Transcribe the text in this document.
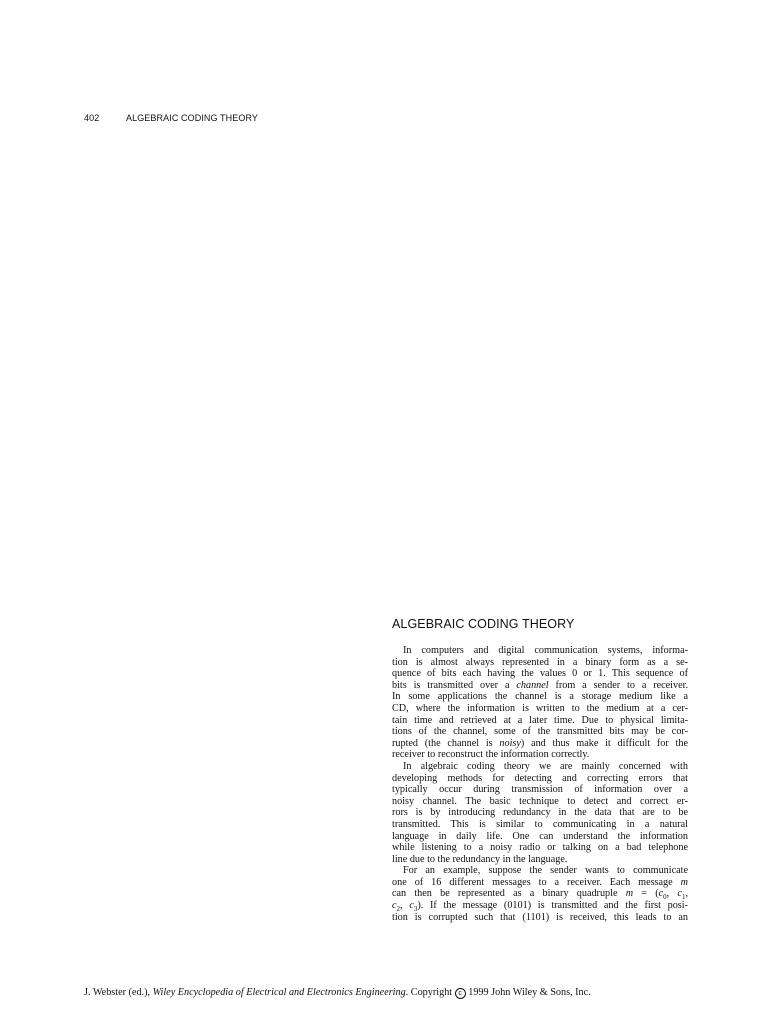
402	ALGEBRAIC CODING THEORY
ALGEBRAIC CODING THEORY
In computers and digital communication systems, informa-
tion is almost always represented in a binary form as a se-
quence of bits each having the values 0 or 1. This sequence of
bits is transmitted over a channel from a sender to a receiver.
In some applications the channel is a storage medium like a
CD, where the information is written to the medium at a cer-
tain time and retrieved at a later time. Due to physical limita-
tions of the channel, some of the transmitted bits may be cor-
rupted (the channel is noisy) and thus make it difficult for the
receiver to reconstruct the information correctly.
In algebraic coding theory we are mainly concerned with
developing methods for detecting and correcting errors that
typically occur during transmission of information over a
noisy channel. The basic technique to detect and correct er-
rors is by introducing redundancy in the data that are to be
transmitted. This is similar to communicating in a natural
language in daily life. One can understand the information
while listening to a noisy radio or talking on a bad telephone
line due to the redundancy in the language.
For an example, suppose the sender wants to communicate
one of 16 different messages to a receiver. Each message m
can then be represented as a binary quadruple $m = (c_0$, $c_1$,
$c_2$, $c_3$). If the message (0101) is transmitted and the first posi-
tion is corrupted such that (1101) is received, this leads to an
J. Webster (ed.), Wiley Encyclopedia of Electrical and Electronics Engineering. Copyright c 1999 John Wiley & Sons, Inc.
